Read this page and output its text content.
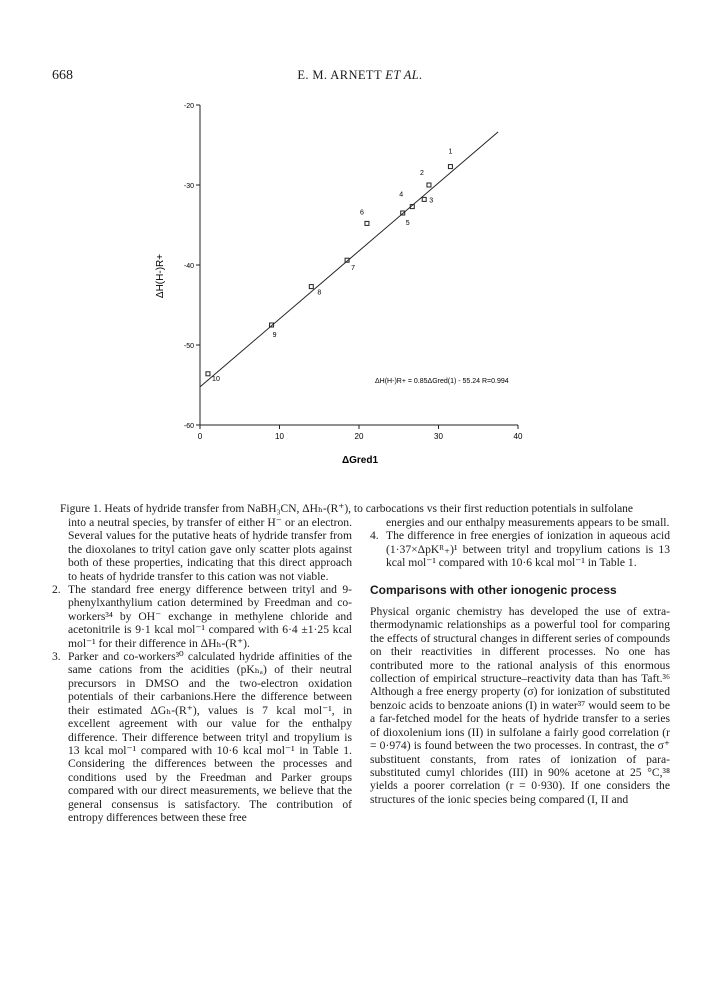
668	E. M. ARNETT ET AL.
0	10	20	30	40
-20
-30
-40
-50
-60
1
2
3
4
5
6
7
8
9
10	ΔH(H-)R+ = 0.85ΔGred(1) - 55.24 R=0.994
ΔGred1
ΔH(H-)R+
Figure 1. Heats of hydride transfer from NaBH₃CN, ΔHₕ-(R⁺), to carbocations vs their first reduction potentials in sulfolane
into a neutral species, by transfer of either H⁻ or an electron. Several values for the putative heats of hydride transfer from the dioxolanes to trityl cation gave only scatter plots against both of these properties, indicating that this direct approach to heats of hydride transfer to this cation was not viable.
2. The standard free energy difference between trityl and 9-phenylxanthylium cation determined by Freedman and co-workers³⁴ by OH⁻ exchange in methylene chloride and acetonitrile is 9·1 kcal mol⁻¹ compared with 6·4 ±1·25 kcal mol⁻¹ for their difference in ΔHₕ-(R⁺).
3. Parker and co-workers³⁰ calculated hydride affinities of the same cations from the acidities (pKₕₐ) of their neutral precursors in DMSO and the two-electron oxidation potentials of their carbanions.Here the difference between their estimated ΔGₕ-(R⁺), values is 7 kcal mol⁻¹, in excellent agreement with our value for the enthalpy difference. Their difference between trityl and tropylium is 13 kcal mol⁻¹ compared with 10·6 kcal mol⁻¹ in Table 1. Considering the differences between the processes and conditions used by the Freedman and Parker groups compared with our direct measurements, we believe that the general consensus is satisfactory. The contribution of entropy differences between these free
energies and our enthalpy measurements appears to be small.
4. The difference in free energies of ionization in aqueous acid (1·37×ΔpKᴿ₊)¹ between trityl and tropylium cations is 13 kcal mol⁻¹ compared with 10·6 kcal mol⁻¹ in Table 1.
Comparisons with other ionogenic process

Physical organic chemistry has developed the use of extra-thermodynamic relationships as a powerful tool for comparing the effects of structural changes in different series of compounds on their reactivities in different processes. No one has contributed more to the rational analysis of this enormous collection of empirical structure–reactivity data than has Taft.³⁶ Although a free energy property (σ) for ionization of substituted benzoic acids to benzoate anions (I) in water³⁷ would seem to be a far-fetched model for the heats of hydride transfer to a series of dioxolenium ions (II) in sulfolane a fairly good correlation (r = 0·974) is found between the two processes. In contrast, the σ⁺ substituent constants, from rates of ionization of para-substituted cumyl chlorides (III) in 90% acetone at 25 °C,³⁸ yields a poorer correlation (r = 0·930). If one considers the structures of the ionic species being compared (I, II and
